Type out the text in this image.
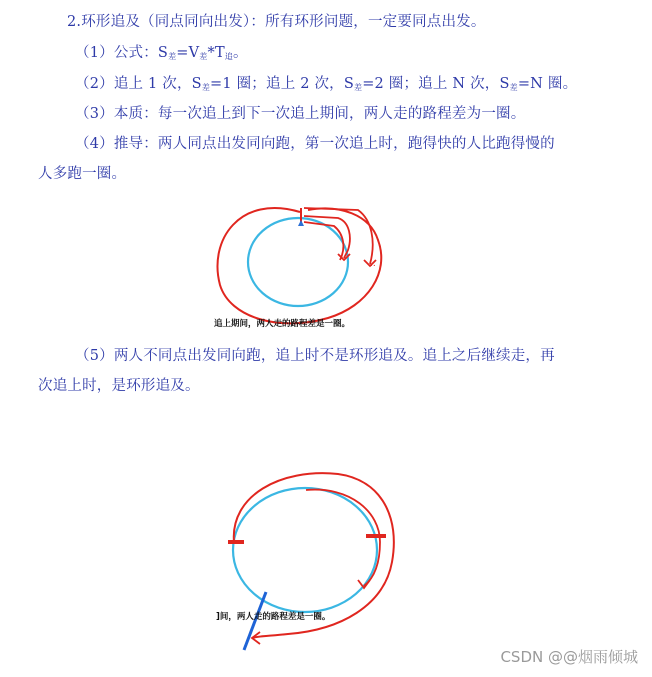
2.环形追及（同点同向出发）：所有环形问题，一定要同点出发。
（1）公式：$S_差=V_差*T_追$。
（2）追上 1 次，$S_差=1$ 圈；追上 2 次，$S_差=2$ 圈；追上 N 次，$S_差=N$ 圈。
（3）本质：每一次追上到下一次追上期间，两人走的路程差为一圈。
（4）推导：两人同点出发同向跑，第一次追上时，跑得快的人比跑得慢的
人多跑一圈。
..
追上期间，两人走的路程差是一圈。
（5）两人不同点出发同向跑，追上时不是环形追及。追上之后继续走，再
次追上时，是环形追及。
]间，两人走的路程差是一圈。
CSDN @@烟雨倾城
